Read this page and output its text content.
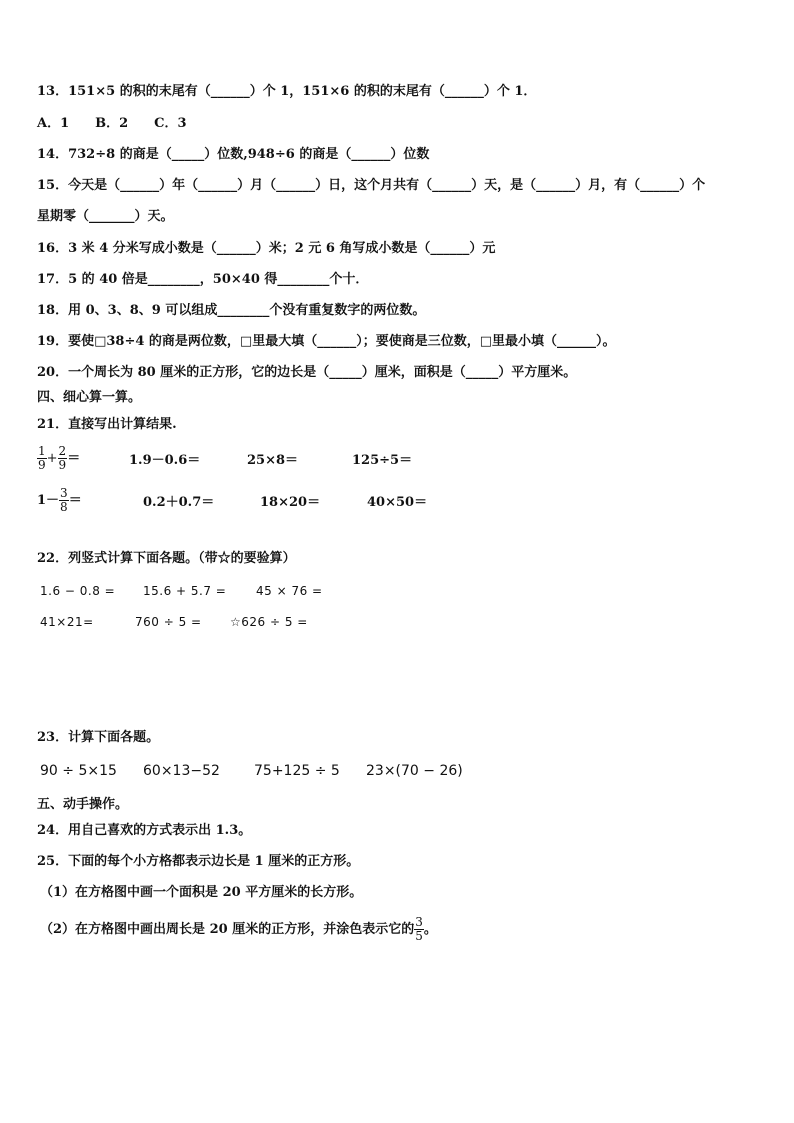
13．151×5 的积的末尾有（______）个 1，151×6 的积的末尾有（______）个 1．
A．1　　B．2　　C．3
14．732÷8 的商是（_____）位数,948÷6 的商是（______）位数
15．今天是（______）年（______）月（______）日，这个月共有（______）天，是（______）月，有（______）个
星期零（_______）天。
16．3 米 4 分米写成小数是（______）米；2 元 6 角写成小数是（______）元
17．5 的 40 倍是________，50×40 得________个十．
18．用 0、3、8、9 可以组成________个没有重复数字的两位数。
19．要使□38÷4 的商是两位数，□里最大填（______）；要使商是三位数，□里最小填（______）。
20．一个周长为 80 厘米的正方形，它的边长是（_____）厘米，面积是（_____）平方厘米。
四、细心算一算。
21．直接写出计算结果.
$\frac{1}{9} + \frac{2}{9}$ ＝	1.9－0.6＝	25×8＝	125÷5＝
$1- \frac{3}{8}$ ＝	0.2＋0.7＝	18×20＝	40×50＝
22．列竖式计算下面各题。（带☆的要验算）
1.6 − 0.8 = 15.6 + 5.7 = 45 × 76 =
41×21=	760 ÷ 5 = ☆626 ÷ 5 =
23．计算下面各题。
90 ÷ 5×15 60×13−52 75+125 ÷ 5 23×(70 − 26)
五、动手操作。
24．用自己喜欢的方式表示出 1.3。
25．下面的每个小方格都表示边长是 1 厘米的正方形。
（1）在方格图中画一个面积是 20 平方厘米的长方形。
（2）在方格图中画出周长是 20 厘米的正方形，并涂色表示它的 $\frac{3}{5}$ 。
